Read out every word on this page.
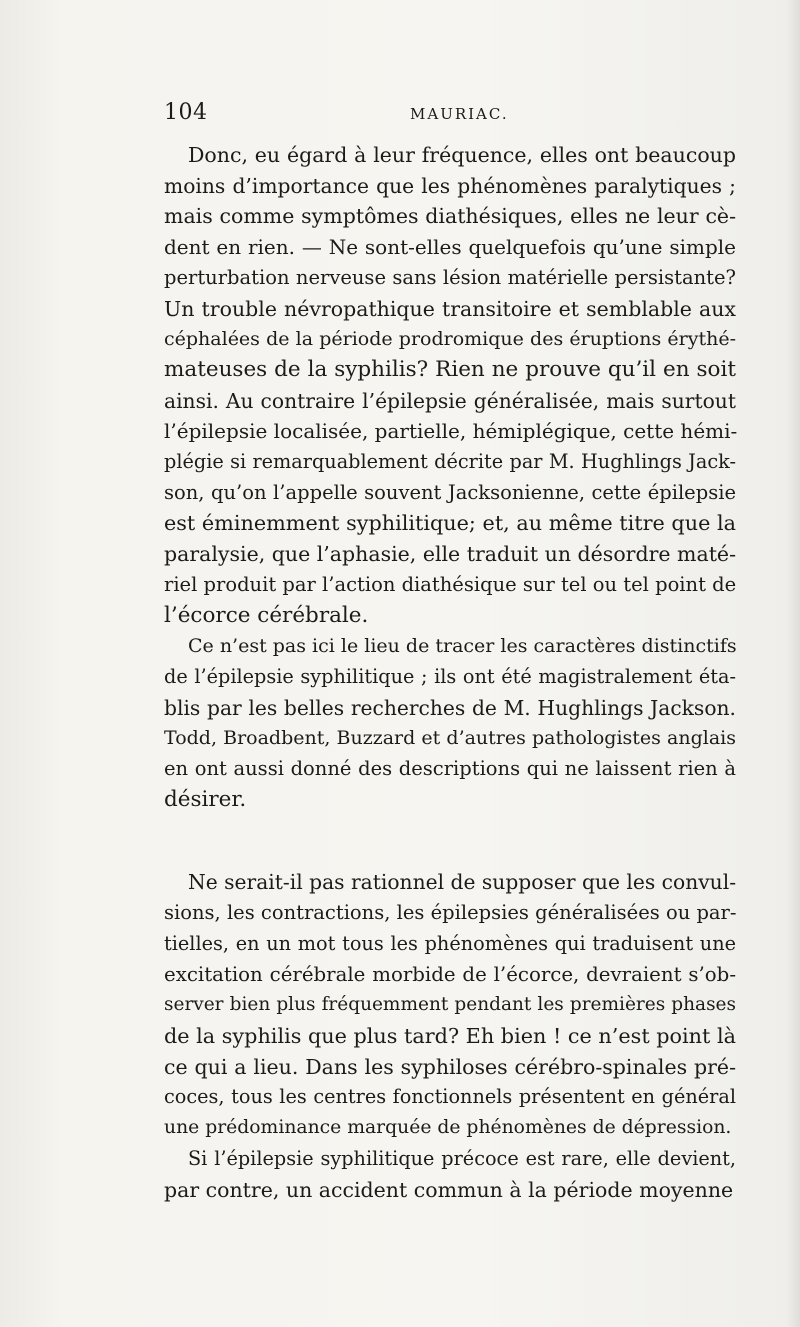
104	MAURIAC.
Donc, eu égard à leur fréquence, elles ont beaucoup
moins d’importance que les phénomènes paralytiques ;
mais comme symptômes diathésiques, elles ne leur cè-
dent en rien. — Ne sont-elles quelquefois qu’une simple
perturbation nerveuse sans lésion matérielle persistante?
Un trouble névropathique transitoire et semblable aux
céphalées de la période prodromique des éruptions érythé-
mateuses de la syphilis? Rien ne prouve qu’il en soit
ainsi. Au contraire l’épilepsie généralisée, mais surtout
l’épilepsie localisée, partielle, hémiplégique, cette hémi-
plégie si remarquablement décrite par M. Hughlings Jack-
son, qu’on l’appelle souvent Jacksonienne, cette épilepsie
est éminemment syphilitique; et, au même titre que la
paralysie, que l’aphasie, elle traduit un désordre maté-
riel produit par l’action diathésique sur tel ou tel point de
l’écorce cérébrale.
Ce n’est pas ici le lieu de tracer les caractères distinctifs
de l’épilepsie syphilitique ; ils ont été magistralement éta-
blis par les belles recherches de M. Hughlings Jackson.
Todd, Broadbent, Buzzard et d’autres pathologistes anglais
en ont aussi donné des descriptions qui ne laissent rien à
désirer.
Ne serait-il pas rationnel de supposer que les convul-
sions, les contractions, les épilepsies généralisées ou par-
tielles, en un mot tous les phénomènes qui traduisent une
excitation cérébrale morbide de l’écorce, devraient s’ob-
server bien plus fréquemment pendant les premières phases
de la syphilis que plus tard? Eh bien ! ce n’est point là
ce qui a lieu. Dans les syphiloses cérébro-spinales pré-
coces, tous les centres fonctionnels présentent en général
une prédominance marquée de phénomènes de dépression.
Si l’épilepsie syphilitique précoce est rare, elle devient,
par contre, un accident commun à la période moyenne
